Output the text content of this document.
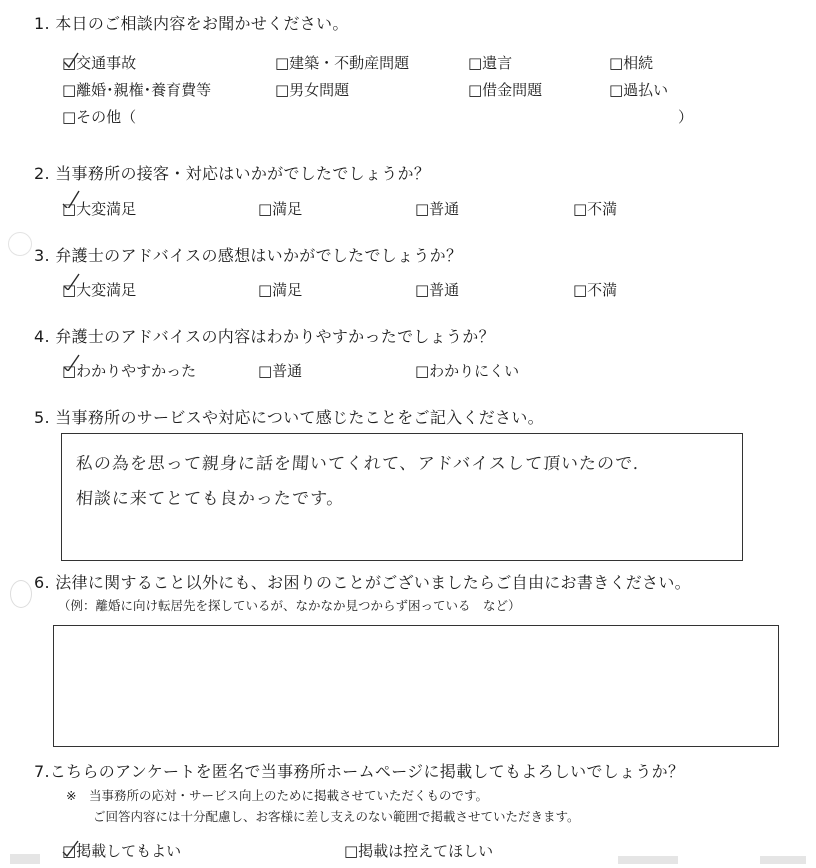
1. 本日のご相談内容をお聞かせください。
□交通事故	□建築・不動産問題	□遺言	□相続
□離婚･親権･養育費等	□男女問題	□借金問題	□過払い
□その他（	）
2. 当事務所の接客・対応はいかがでしたでしょうか？
□大変満足	□満足	□普通	□不満
3. 弁護士のアドバイスの感想はいかがでしたでしょうか？
□大変満足	□満足	□普通	□不満
4. 弁護士のアドバイスの内容はわかりやすかったでしょうか？
□わかりやすかった	□普通	□わかりにくい
5. 当事務所のサービスや対応について感じたことをご記入ください。
私の為を思って親身に話を聞いてくれて、アドバイスして頂いたので.
相談に来てとても良かったです。
6. 法律に関すること以外にも、お困りのことがございましたらご自由にお書きください。
（例：離婚に向け転居先を探しているが、なかなか見つからず困っている　など）
7.こちらのアンケートを匿名で当事務所ホームページに掲載してもよろしいでしょうか？
※　当事務所の応対・サービス向上のために掲載させていただくものです。
ご回答内容には十分配慮し、お客様に差し支えのない範囲で掲載させていただきます。
□掲載してもよい	□掲載は控えてほしい
